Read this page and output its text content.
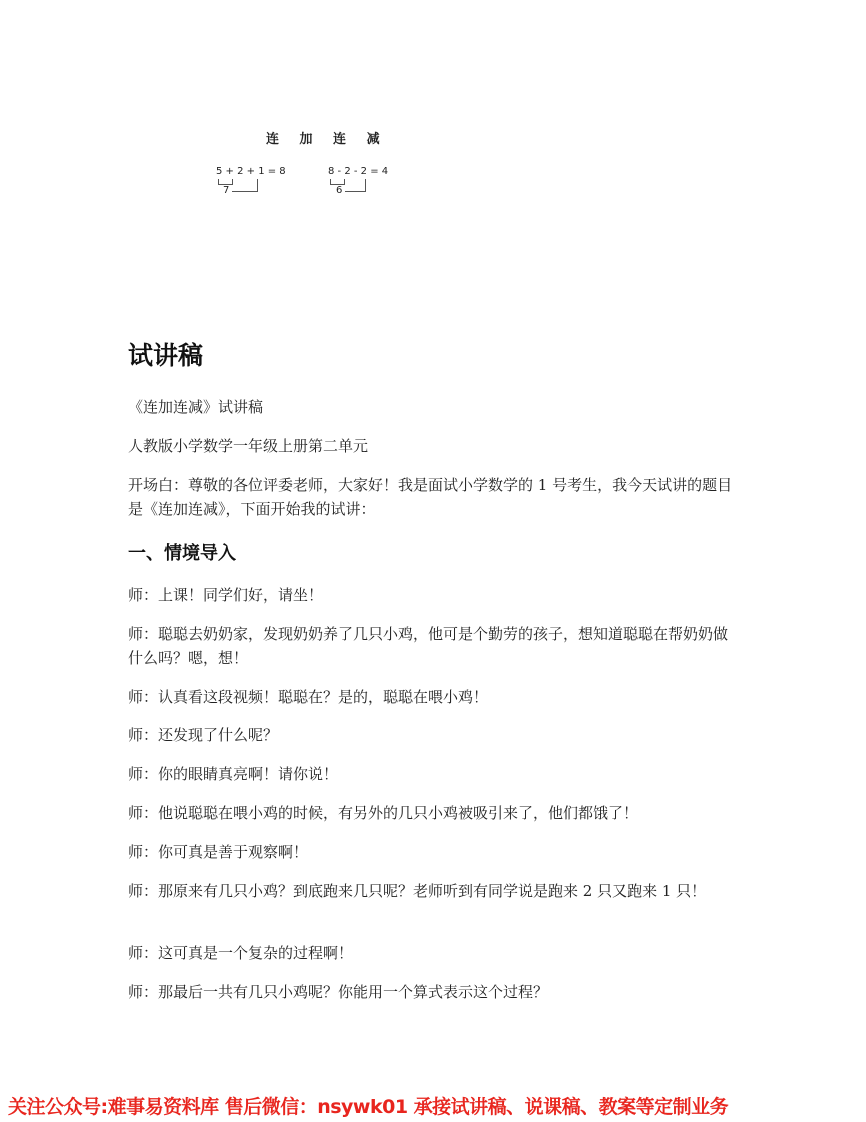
连 加 连 减
5 + 2 + 1 = 8
7
8 - 2 - 2 = 4
6
试讲稿

《连加连减》试讲稿

人教版小学数学一年级上册第二单元

开场白：尊敬的各位评委老师，大家好！我是面试小学数学的 1 号考生，我今天试讲的题目是《连加连减》，下面开始我的试讲：

一、情境导入

师：上课！同学们好，请坐！

师：聪聪去奶奶家，发现奶奶养了几只小鸡，他可是个勤劳的孩子，想知道聪聪在帮奶奶做什么吗？嗯，想！

师：认真看这段视频！聪聪在？是的，聪聪在喂小鸡！

师：还发现了什么呢？

师：你的眼睛真亮啊！请你说！

师：他说聪聪在喂小鸡的时候，有另外的几只小鸡被吸引来了，他们都饿了！

师：你可真是善于观察啊！

师：那原来有几只小鸡？到底跑来几只呢？老师听到有同学说是跑来 2 只又跑来 1 只！

师：这可真是一个复杂的过程啊！

师：那最后一共有几只小鸡呢？你能用一个算式表示这个过程？

关注公众号:难事易资料库 售后微信：nsywk01 承接试讲稿、说课稿、教案等定制业务
